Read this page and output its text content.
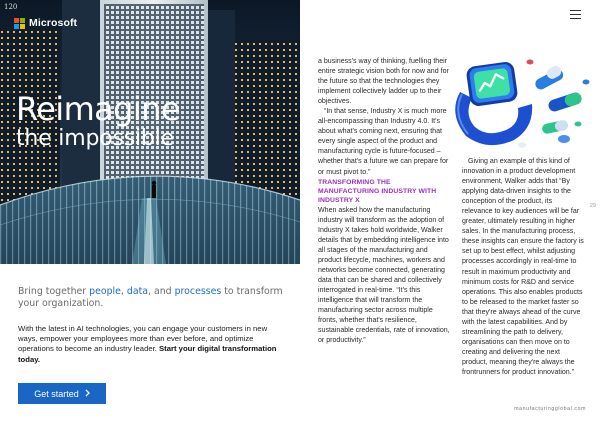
120
Microsoft
Reimagine
the impossible

Bring together people, data, and processes to transform your organization.

With the latest in AI technologies, you can engage your customers in new ways, empower your employees more than ever before, and optimize operations to become an industry leader. Start your digital transformation today.

Get started

a business's way of thinking, fuelling their entire strategic vision both for now and for the future so that the technologies they implement collectively ladder up to their objectives.

“In that sense, Industry X is much more all-encompassing than Industry 4.0. It's about what's coming next, ensuring that every single aspect of the product and manufacturing cycle is future-focused – whether that's a future we can prepare for or must pivot to.”

TRANSFORMING THE MANUFACTURING INDUSTRY WITH INDUSTRY X

When asked how the manufacturing industry will transform as the adoption of Industry X takes hold worldwide, Walker details that by embedding intelligence into all stages of the manufacturing and product lifecycle, machines, workers and networks become connected, generating data that can be shared and collectively interrogated in real-time. “It's this intelligence that will transform the manufacturing sector across multiple fronts, whether that's resilience, sustainable credentials, rate of innovation, or productivity.”

Giving an example of this kind of innovation in a product development environment, Walker adds that “By applying data-driven insights to the conception of the product, its relevance to key audiences will be far greater, ultimately resulting in higher sales. In the manufacturing process, these insights can ensure the factory is set up to best effect, whilst adjusting processes accordingly in real-time to result in maximum productivity and minimum costs for R&D and service operations. This also enables products to be released to the market faster so that they're always ahead of the curve with the latest capabilities. And by streamlining the path to delivery, organisations can then move on to creating and delivering the next product, meaning they're always the frontrunners for product innovation.”

29
manufacturingglobal.com
